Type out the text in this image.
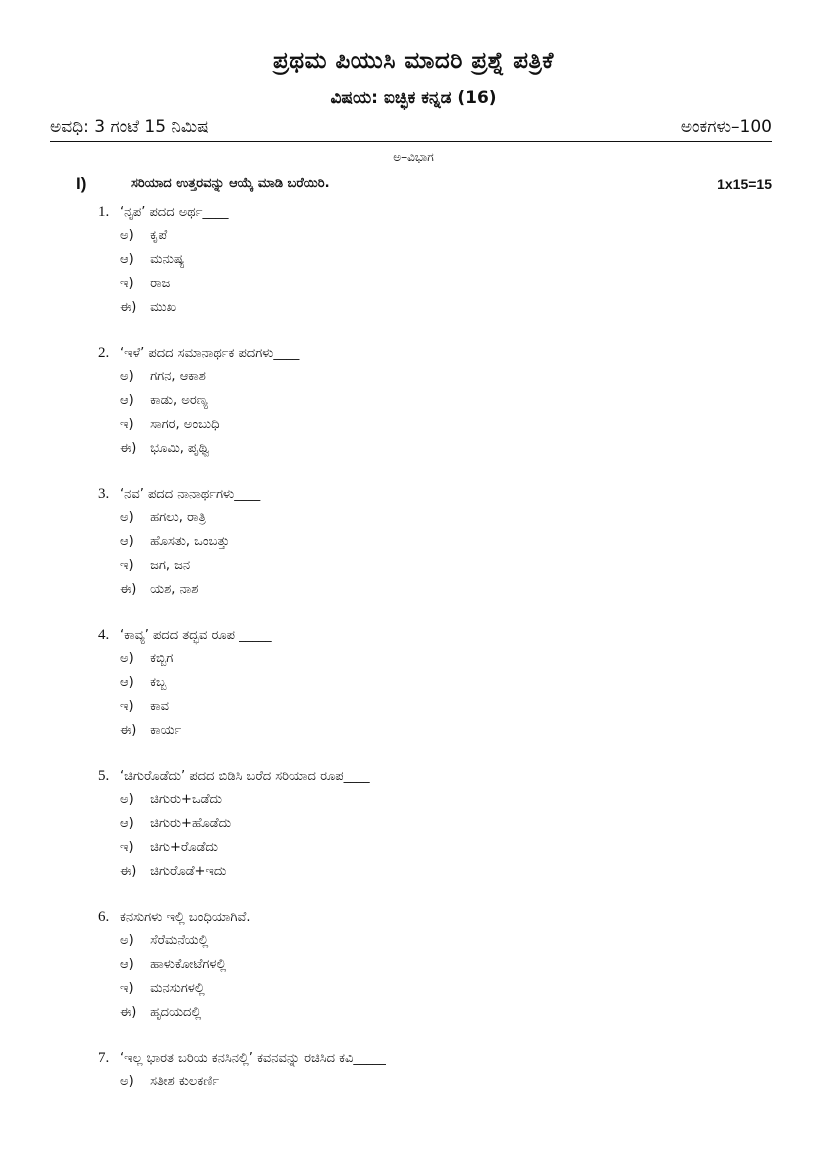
ಪ್ರಥಮ ಪಿಯುಸಿ ಮಾದರಿ ಪ್ರಶ್ನೆ ಪತ್ರಿಕೆ
ವಿಷಯ: ಐಚ್ಛಿಕ ಕನ್ನಡ (16)
ಅವಧಿ: 3 ಗಂಟೆ 15 ನಿಮಿಷ	ಅಂಕಗಳು–100
ಅ–ವಿಭಾಗ
I)	ಸರಿಯಾದ ಉತ್ತರವನ್ನು ಆಯ್ಕೆ ಮಾಡಿ ಬರೆಯಿರಿ.	1x15=15
1. ‘ನೃಪ’ ಪದದ ಅರ್ಥ____
ಅ) ಕೃಪೆ
ಆ) ಮನುಷ್ಯ
ಇ) ರಾಜ
ಈ) ಮುಖ
2. ‘ಇಳೆ’ ಪದದ ಸಮಾನಾರ್ಥಕ ಪದಗಳು____
ಅ) ಗಗನ, ಆಕಾಶ
ಆ) ಕಾಡು, ಅರಣ್ಯ
ಇ) ಸಾಗರ, ಅಂಬುಧಿ
ಈ) ಭೂಮಿ, ಪೃಥ್ವಿ
3. ‘ನವ’ ಪದದ ನಾನಾರ್ಥಗಳು____
ಅ) ಹಗಲು, ರಾತ್ರಿ
ಆ) ಹೊಸತು, ಒಂಬತ್ತು
ಇ) ಜಗ, ಜನ
ಈ) ಯಶ, ನಾಶ
4. ‘ಕಾವ್ಯ’ ಪದದ ತದ್ಭವ ರೂಪ _____
ಅ) ಕಬ್ಬಿಗ
ಆ) ಕಬ್ಬ
ಇ) ಕಾವ
ಈ) ಕಾರ್ಯ
5. ‘ಚಿಗುರೊಡೆದು’ ಪದದ ಬಿಡಿಸಿ ಬರೆದ ಸರಿಯಾದ ರೂಪ____
ಅ) ಚಿಗುರು+ಒಡೆದು
ಆ) ಚಿಗುರು+ಹೊಡೆದು
ಇ) ಚಿಗು+ರೊಡೆದು
ಈ) ಚಿಗುರೊಡೆ+ಇದು
6. ಕನಸುಗಳು ಇಲ್ಲಿ ಬಂಧಿಯಾಗಿವೆ.
ಅ) ಸೆರೆಮನೆಯಲ್ಲಿ
ಆ) ಹಾಳುಕೋಟೆಗಳಲ್ಲಿ
ಇ) ಮನಸುಗಳಲ್ಲಿ
ಈ) ಹೃದಯದಲ್ಲಿ
7. ‘ಇಲ್ಲ ಭಾರತ ಬರಿಯ ಕನಸಿನಲ್ಲಿ’ ಕವನವನ್ನು ರಚಿಸಿದ ಕವಿ_____
ಅ) ಸತೀಶ ಕುಲಕರ್ಣಿ
